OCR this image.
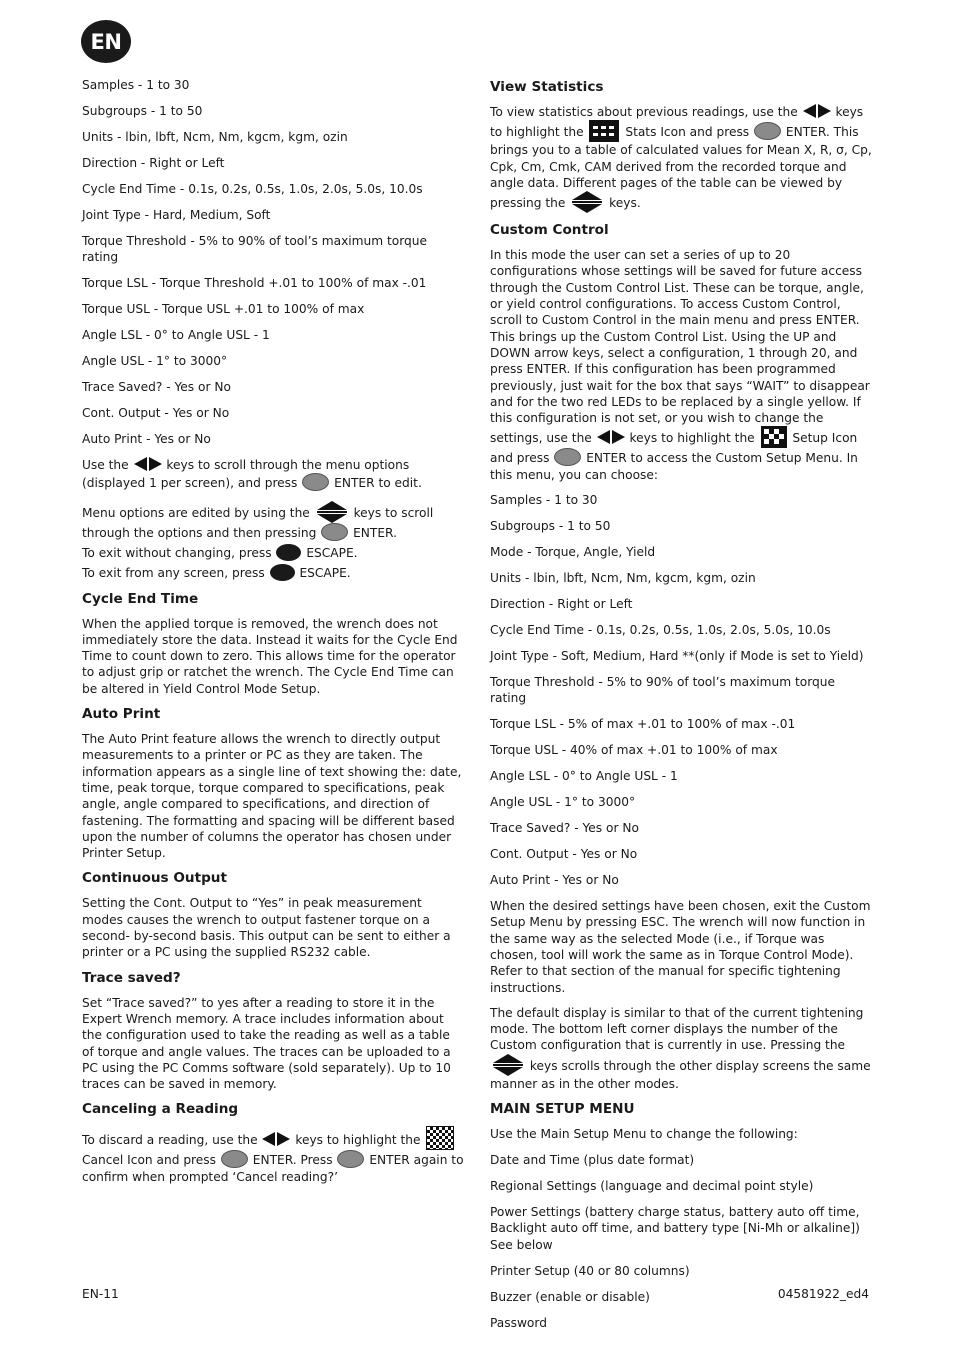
EN

Samples - 1 to 30

Subgroups - 1 to 50

Units - lbin, lbft, Ncm, Nm, kgcm, kgm, ozin

Direction - Right or Left

Cycle End Time - 0.1s, 0.2s, 0.5s, 1.0s, 2.0s, 5.0s, 10.0s

Joint Type - Hard, Medium, Soft

Torque Threshold - 5% to 90% of tool’s maximum torque rating

Torque LSL - Torque Threshold +.01 to 100% of max -.01

Torque USL - Torque USL +.01 to 100% of max

Angle LSL - 0° to Angle USL - 1

Angle USL - 1° to 3000°

Trace Saved? - Yes or No

Cont. Output - Yes or No

Auto Print - Yes or No

Use the	keys to scroll through the menu options (displayed 1 per screen), and press	ENTER to edit.

Menu options are edited by using the	keys to scroll through the options and then pressing	ENTER.

To exit without changing, press	ESCAPE.

To exit from any screen, press	ESCAPE.

Cycle End Time

When the applied torque is removed, the wrench does not immediately store the data. Instead it waits for the Cycle End Time to count down to zero. This allows time for the operator to adjust grip or ratchet the wrench. The Cycle End Time can be altered in Yield Control Mode Setup.

Auto Print

The Auto Print feature allows the wrench to directly output measurements to a printer or PC as they are taken. The information appears as a single line of text showing the: date, time, peak torque, torque compared to specifications, peak angle, angle compared to specifications, and direction of fastening. The formatting and spacing will be different based upon the number of columns the operator has chosen under Printer Setup.

Continuous Output

Setting the Cont. Output to “Yes” in peak measurement modes causes the wrench to output fastener torque on a second- by-second basis. This output can be sent to either a printer or a PC using the supplied RS232 cable.

Trace saved?

Set “Trace saved?” to yes after a reading to store it in the Expert Wrench memory. A trace includes information about the configuration used to take the reading as well as a table of torque and angle values. The traces can be uploaded to a PC using the PC Comms software (sold separately). Up to 10 traces can be saved in memory.

Canceling a Reading

To discard a reading, use the	keys to highlight the  Cancel Icon and press	ENTER. Press	ENTER again to confirm when prompted ‘Cancel reading?’

View Statistics

To view statistics about previous readings, use the	keys to highlight the	Stats Icon and press	ENTER. This brings you to a table of calculated values for Mean X, R, σ, Cp, Cpk, Cm, Cmk, CAM derived from the recorded torque and angle data. Different pages of the table can be viewed by pressing the	keys.

Custom Control

In this mode the user can set a series of up to 20 configurations whose settings will be saved for future access through the Custom Control List. These can be torque, angle, or yield control configurations. To access Custom Control, scroll to Custom Control in the main menu and press ENTER. This brings up the Custom Control List. Using the UP and DOWN arrow keys, select a configuration, 1 through 20, and press ENTER. If this configuration has been programmed previously, just wait for the box that says “WAIT” to disappear and for the two red LEDs to be replaced by a single yellow. If this configuration is not set, or you wish to change the settings, use the	keys to highlight the	Setup Icon and press	ENTER to access the Custom Setup Menu. In this menu, you can choose:

Samples - 1 to 30

Subgroups - 1 to 50

Mode - Torque, Angle, Yield

Units - lbin, lbft, Ncm, Nm, kgcm, kgm, ozin

Direction - Right or Left

Cycle End Time - 0.1s, 0.2s, 0.5s, 1.0s, 2.0s, 5.0s, 10.0s

Joint Type - Soft, Medium, Hard **(only if Mode is set to Yield)

Torque Threshold - 5% to 90% of tool’s maximum torque rating

Torque LSL - 5% of max +.01 to 100% of max -.01

Torque USL - 40% of max +.01 to 100% of max

Angle LSL - 0° to Angle USL - 1

Angle USL - 1° to 3000°

Trace Saved? - Yes or No

Cont. Output - Yes or No

Auto Print - Yes or No

When the desired settings have been chosen, exit the Custom Setup Menu by pressing ESC. The wrench will now function in the same way as the selected Mode (i.e., if Torque was chosen, tool will work the same as in Torque Control Mode). Refer to that section of the manual for specific tightening instructions.

The default display is similar to that of the current tightening mode. The bottom left corner displays the number of the Custom configuration that is currently in use. Pressing the
keys scrolls through the other display screens the same manner as in the other modes.

MAIN SETUP MENU

Use the Main Setup Menu to change the following:

Date and Time (plus date format)

Regional Settings (language and decimal point style)

Power Settings (battery charge status, battery auto off time, Backlight auto off time, and battery type [Ni-Mh or alkaline]) See below

Printer Setup (40 or 80 columns)

Buzzer (enable or disable)

Password

EN-11	04581922_ed4
